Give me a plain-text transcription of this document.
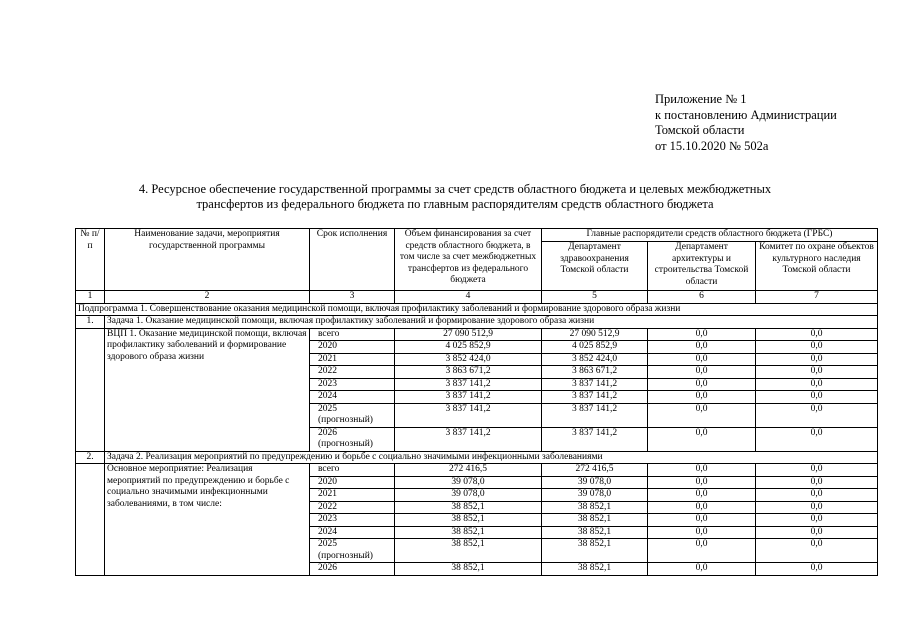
Приложение № 1
к постановлению Администрации
Томской области
от 15.10.2020 № 502а
4. Ресурсное обеспечение государственной программы за счет средств областного бюджета и целевых межбюджетных
трансфертов из федерального бюджета по главным распорядителям средств областного бюджета
№ п/п	Наименование задачи, мероприятия государственной программы	Срок исполнения	Объем финансирования за счет средств областного бюджета, в том числе за счет межбюджетных трансфертов из федерального бюджета	Главные распорядители средств областного бюджета (ГРБС)		
				Департамент здравоохранения Томской области	Департамент архитектуры и строительства Томской области	Комитет по охране объектов культурного наследия Томской области
1	2	3	4	5	6	7
Подпрограмма 1. Совершенствование оказания медицинской помощи, включая профилактику заболеваний и формирование здорового образа жизни						
1.	Задача 1. Оказание медицинской помощи, включая профилактику заболеваний и формирование здорового образа жизни					
	ВЦП 1. Оказание медицинской помощи, включая профилактику заболеваний и формирование здорового образа жизни	всего	27 090 512,9	27 090 512,9	0,0	0,0
		2020	4 025 852,9	4 025 852,9	0,0	0,0
		2021	3 852 424,0	3 852 424,0	0,0	0,0
		2022	3 863 671,2	3 863 671,2	0,0	0,0
		2023	3 837 141,2	3 837 141,2	0,0	0,0
		2024	3 837 141,2	3 837 141,2	0,0	0,0
		2025 (прогнозный)	3 837 141,2	3 837 141,2	0,0	0,0
		2026 (прогнозный)	3 837 141,2	3 837 141,2	0,0	0,0
2.	Задача 2. Реализация мероприятий по предупреждению и борьбе с социально значимыми инфекционными заболеваниями					
	Основное мероприятие: Реализация мероприятий по предупреждению и борьбе с социально значимыми инфекционными заболеваниями, в том числе:	всего	272 416,5	272 416,5	0,0	0,0
		2020	39 078,0	39 078,0	0,0	0,0
		2021	39 078,0	39 078,0	0,0	0,0
		2022	38 852,1	38 852,1	0,0	0,0
		2023	38 852,1	38 852,1	0,0	0,0
		2024	38 852,1	38 852,1	0,0	0,0
		2025 (прогнозный)	38 852,1	38 852,1	0,0	0,0
		2026	38 852,1	38 852,1	0,0	0,0
